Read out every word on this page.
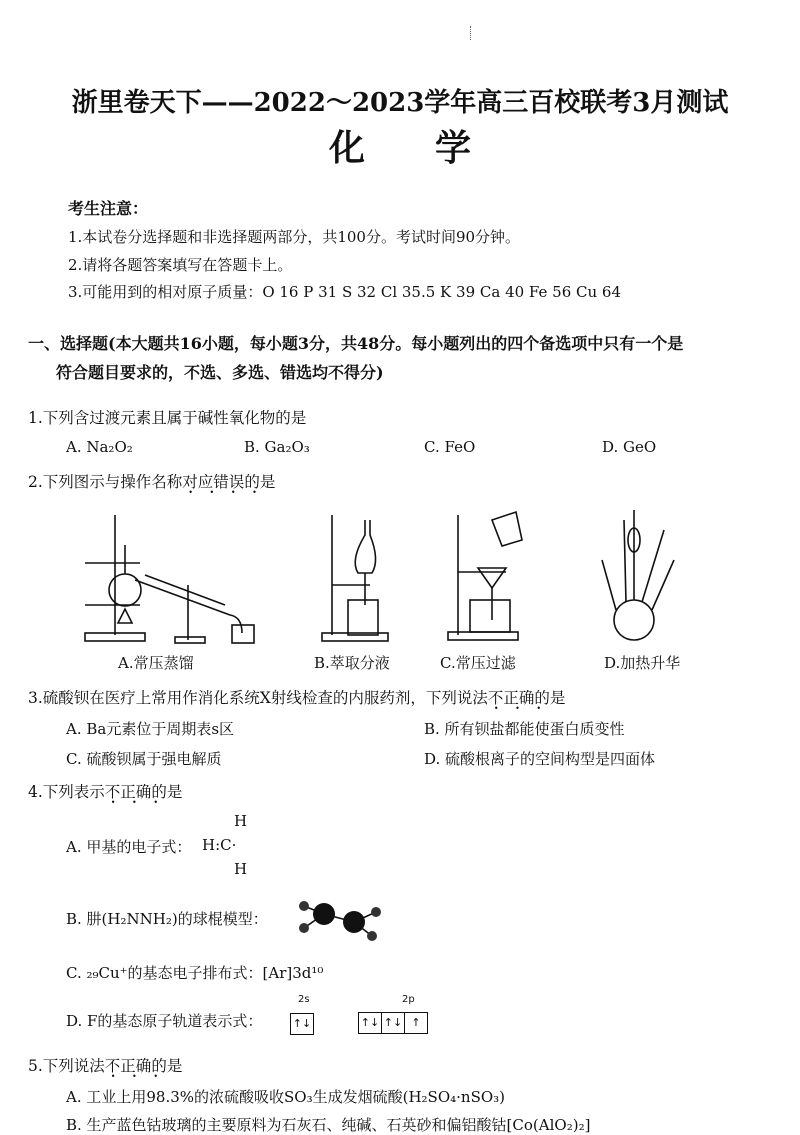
浙里卷天下——2022～2023学年高三百校联考3月测试
化学
考生注意：
1.本试卷分选择题和非选择题两部分，共100分。考试时间90分钟。
2.请将各题答案填写在答题卡上。
3.可能用到的相对原子质量：O 16 P 31 S 32 Cl 35.5 K 39 Ca 40 Fe 56 Cu 64
一、选择题(本大题共16小题，每小题3分，共48分。每小题列出的四个备选项中只有一个是
符合题目要求的，不选、多选、错选均不得分)
1.下列含过渡元素且属于碱性氧化物的是
A. Na₂O₂	B. Ga₂O₃	C. FeO	D. GeO
2.下列图示与操作名称对应错误 • • • •的是
A.常压蒸馏	B.萃取分液	C.常压过滤	D.加热升华
3.硫酸钡在医疗上常用作消化系统X射线检查的内服药剂，下列说法不正确 • • •的是
A. Ba元素位于周期表s区	B. 所有钡盐都能使蛋白质变性
C. 硫酸钡属于强电解质	D. 硫酸根离子的空间构型是四面体
4.下列表示不正确 • • •的是
A. 甲基的电子式：
H
H:C·
H
B. 肼(H₂NNH₂)的球棍模型：
C. ₂₉Cu⁺的基态电子排布式：[Ar]3d¹⁰
D. F的基态原子轨道表示式：
2s	2p
↑↓	↑↓ ↑↓ ↑
5.下列说法不正确 • • •的是
A. 工业上用98.3%的浓硫酸吸收SO₃生成发烟硫酸(H₂SO₄·nSO₃)
B. 生产蓝色钴玻璃的主要原料为石灰石、纯碱、石英砂和偏铝酸钴[Co(AlO₂)₂]
